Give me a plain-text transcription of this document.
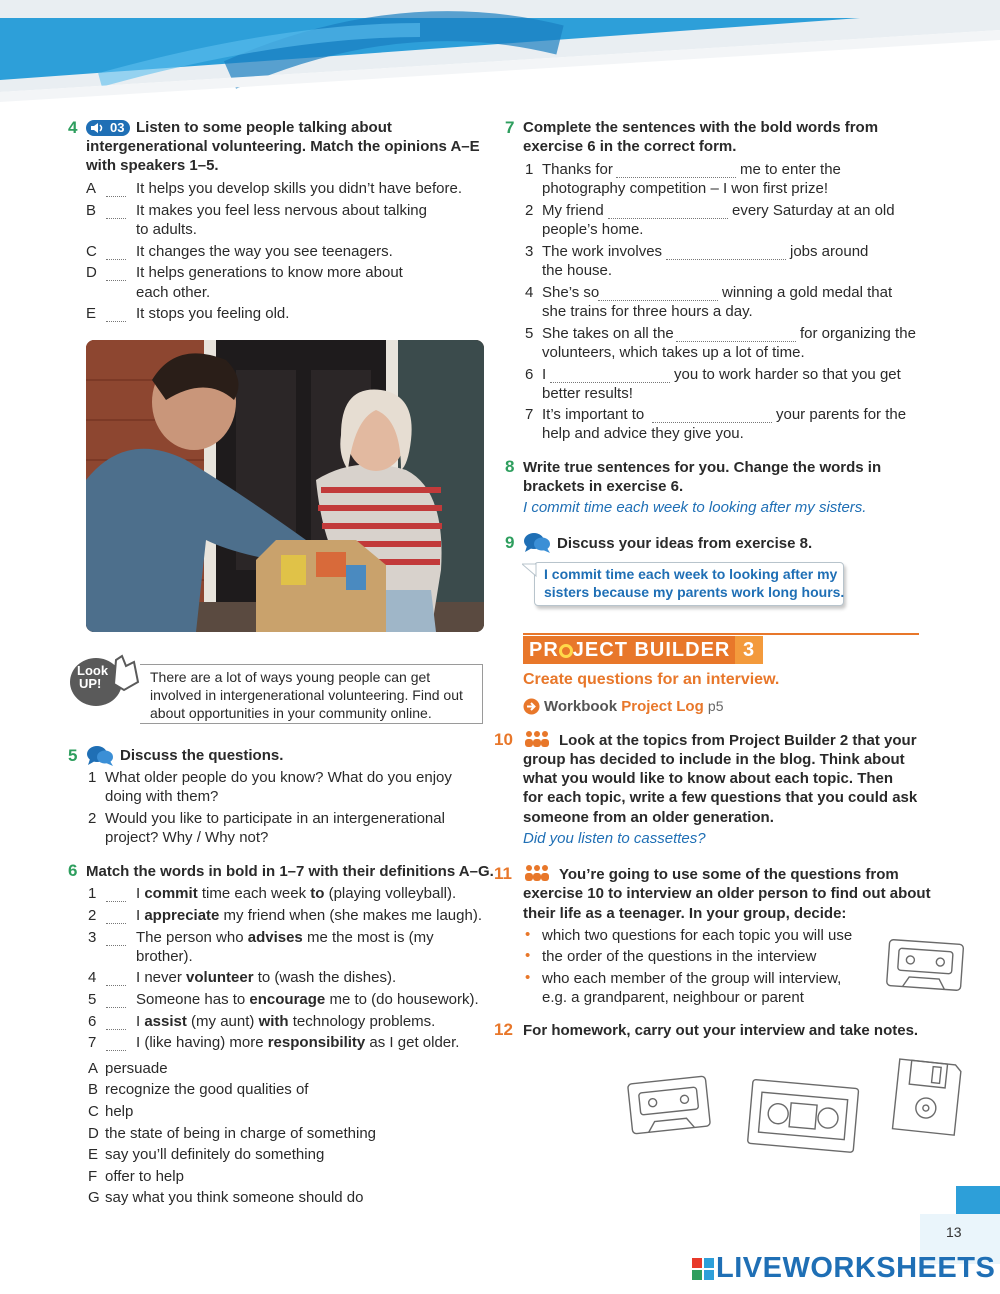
4	03 Listen to some people talking about
intergenerational volunteering. Match the opinions A–E
with speakers 1–5.
A	It helps you develop skills you didn’t have before.
B	It makes you feel less nervous about talking
to adults.
C	It changes the way you see teenagers.
D	It helps generations to know more about
each other.
E	It stops you feeling old.
Look
UP!	There are a lot of ways young people can get
involved in intergenerational volunteering. Find out
about opportunities in your community online.
5	Discuss the questions.
1 What older people do you know? What do you enjoy
doing with them?
2 Would you like to participate in an intergenerational
project? Why / Why not?
6 Match the words in bold in 1–7 with their definitions A–G.
1	I commit time each week to (playing volleyball).
2	I appreciate my friend when (she makes me laugh).
3	The person who advises me the most is (my
brother).
4	I never volunteer to (wash the dishes).
5	Someone has to encourage me to (do housework).
6	I assist (my aunt) with technology problems.
7	I (like having) more responsibility as I get older.
A persuade
B recognize the good qualities of
C help
D the state of being in charge of something
E say you’ll definitely do something
F offer to help
G say what you think someone should do
7 Complete the sentences with the bold words from
exercise 6 in the correct form.
1 Thanks for	me to enter the
photography competition – I won first prize!
2 My friend	every Saturday at an old
people’s home.
3 The work involves	jobs around
the house.
4 She’s so	winning a gold medal that
she trains for three hours a day.
5 She takes on all the	for organizing the
volunteers, which takes up a lot of time.
6 I	you to work harder so that you get
better results!
7 It’s important to	your parents for the
help and advice they give you.
8 Write true sentences for you. Change the words in
brackets in exercise 6.
I commit time each week to looking after my sisters.
9	Discuss your ideas from exercise 8.
I commit time each week to looking after my
sisters because my parents work long hours.
PR JECT BUILDER 3
Create questions for an interview.
Workbook Project Log p5
10	Look at the topics from Project Builder 2 that your
group has decided to include in the blog. Think about
what you would like to know about each topic. Then
for each topic, write a few questions that you could ask
someone from an older generation.
Did you listen to cassettes?
11	You’re going to use some of the questions from
exercise 10 to interview an older person to find out about
their life as a teenager. In your group, decide:
• which two questions for each topic you will use
• the order of the questions in the interview
• who each member of the group will interview,
e.g. a grandparent, neighbour or parent
12 For homework, carry out your interview and take notes.
13
LIVEWORKSHEETS
